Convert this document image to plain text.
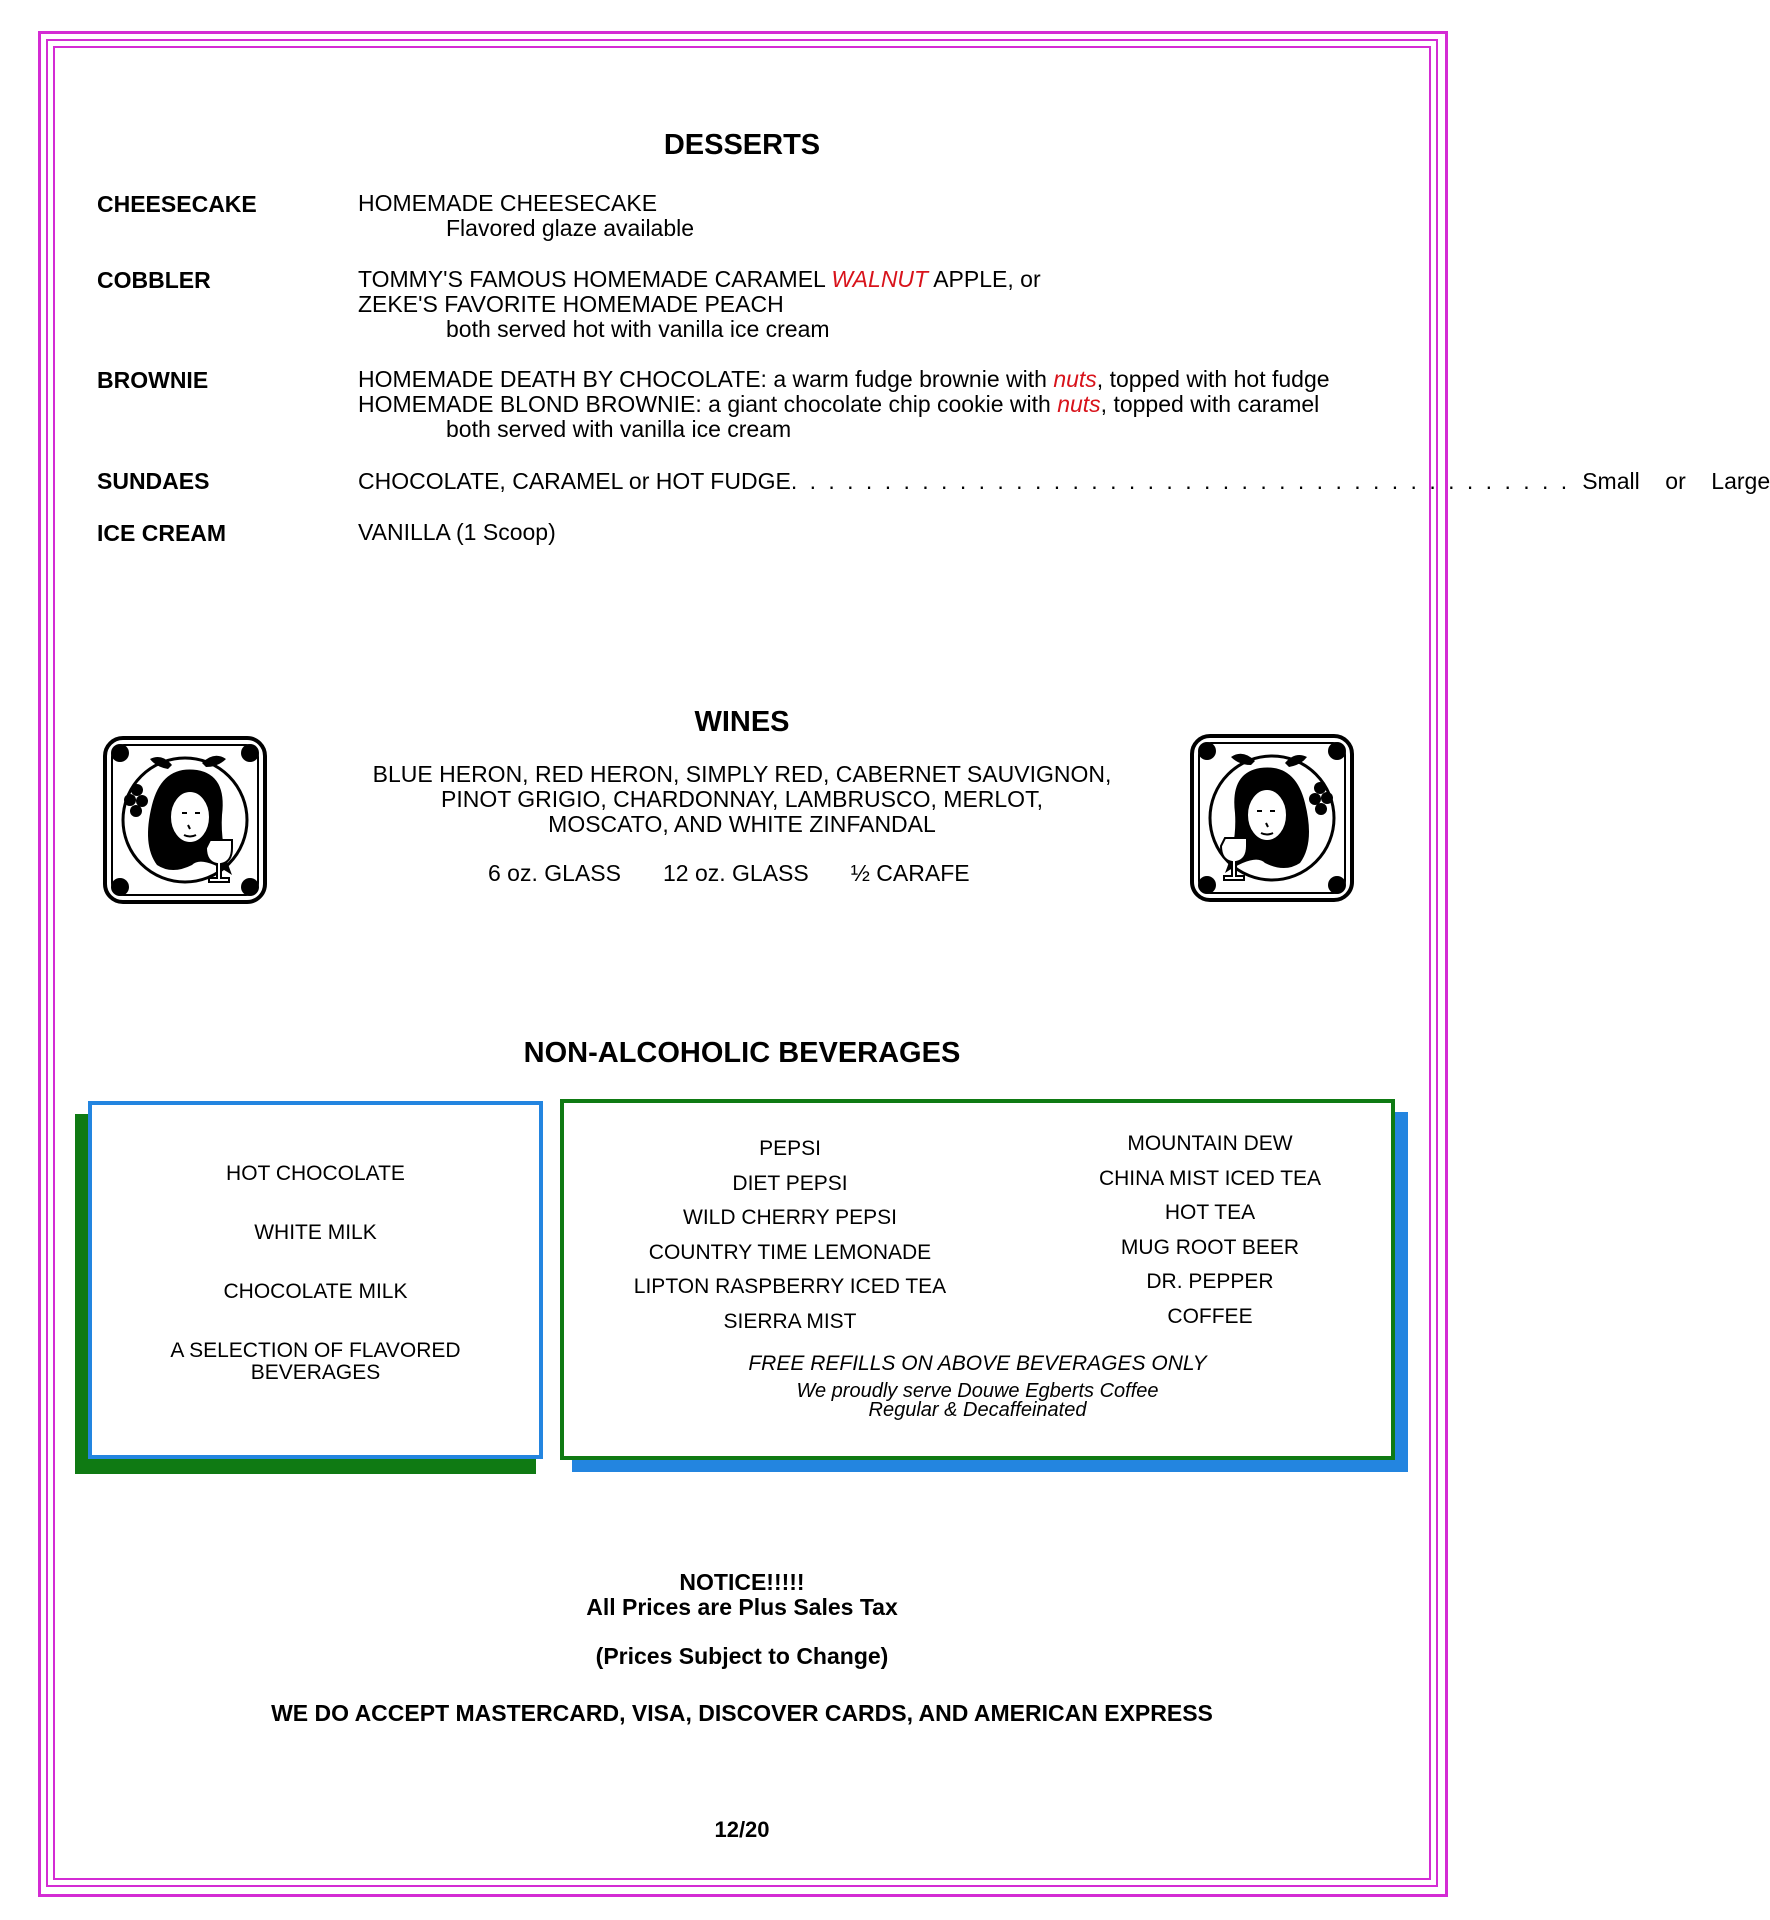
DESSERTS
CHEESECAKE	HOMEMADE CHEESECAKE
Flavored glaze available
COBBLER	TOMMY'S FAMOUS HOMEMADE CARAMEL WALNUT APPLE, or
ZEKE'S FAVORITE HOMEMADE PEACH
both served hot with vanilla ice cream
BROWNIE	HOMEMADE DEATH BY CHOCOLATE: a warm fudge brownie with nuts, topped with hot fudge
HOMEMADE BLOND BROWNIE: a giant chocolate chip cookie with nuts, topped with caramel
both served with vanilla ice cream
SUNDAES	CHOCOLATE, CARAMEL or HOT FUDGE . . . . . . . . . . . . . . . . . . . . . . . . . . . . . . . . . . . . . . . . . . Small    or    Large
ICE CREAM	VANILLA (1 Scoop)
WINES
BLUE HERON, RED HERON, SIMPLY RED, CABERNET SAUVIGNON,
PINOT GRIGIO, CHARDONNAY, LAMBRUSCO, MERLOT,
MOSCATO, AND WHITE ZINFANDAL
6 oz. GLASS 12 oz. GLASS ½ CARAFE
NON-ALCOHOLIC BEVERAGES
HOT CHOCOLATE
WHITE MILK
CHOCOLATE MILK
A SELECTION OF FLAVORED
BEVERAGES
PEPSI
DIET PEPSI
WILD CHERRY PEPSI
COUNTRY TIME LEMONADE
LIPTON RASPBERRY ICED TEA
SIERRA MIST
MOUNTAIN DEW
CHINA MIST ICED TEA
HOT TEA
MUG ROOT BEER
DR. PEPPER
COFFEE
FREE REFILLS ON ABOVE BEVERAGES ONLY
We proudly serve Douwe Egberts Coffee
Regular & Decaffeinated
NOTICE!!!!!
All Prices are Plus Sales Tax
(Prices Subject to Change)
WE DO ACCEPT MASTERCARD, VISA, DISCOVER CARDS, AND AMERICAN EXPRESS
12/20
